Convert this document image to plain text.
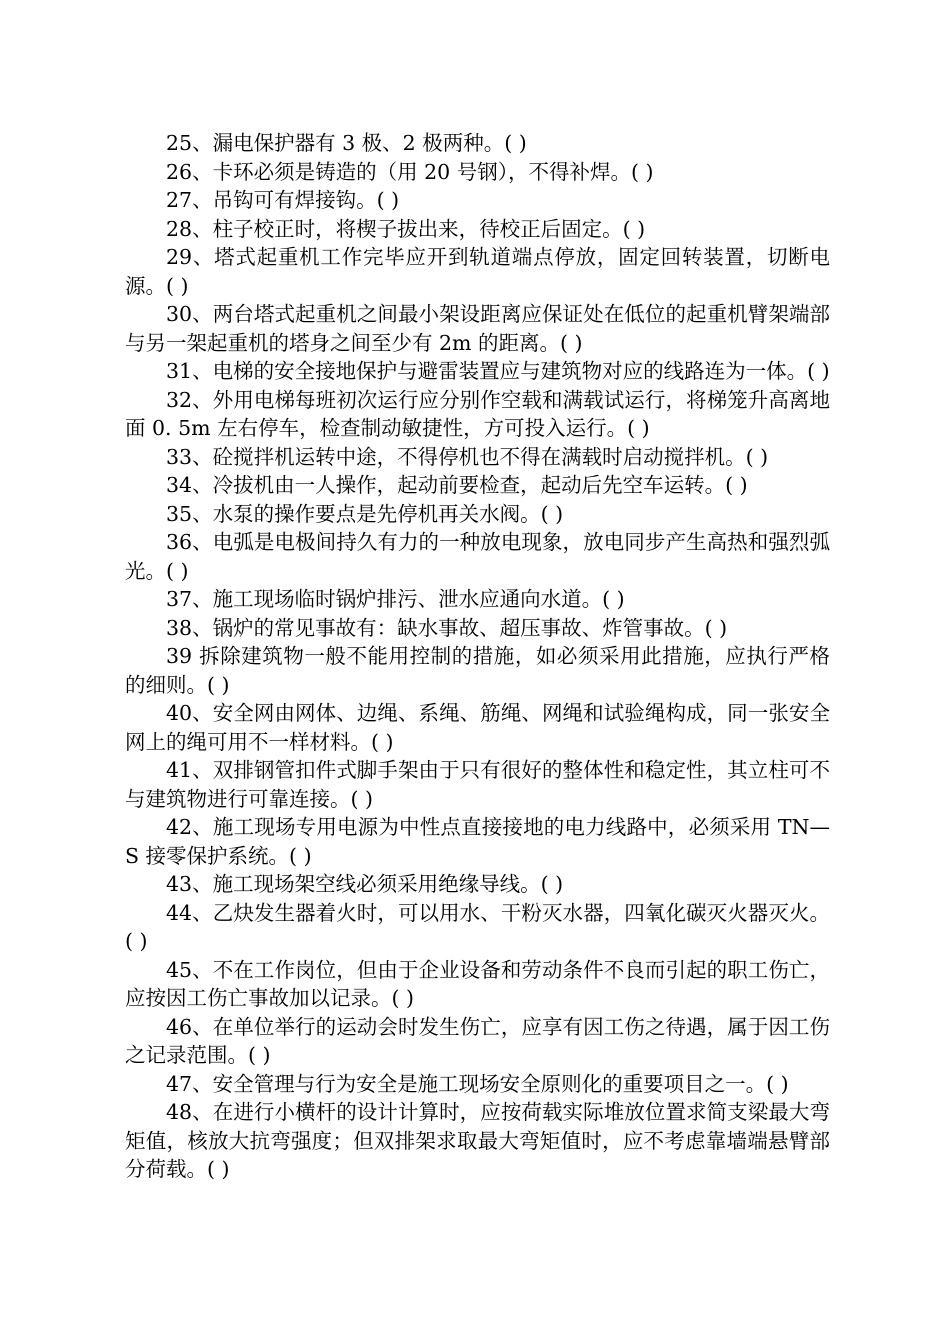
25、漏电保护器有 3 极、2 极两种。( )

26、卡环必须是铸造的（用 20 号钢），不得补焊。( )

27、吊钩可有焊接钩。( )

28、柱子校正时，将楔子拔出来，待校正后固定。( )

29、塔式起重机工作完毕应开到轨道端点停放，固定回转装置，切断电源。( )

30、两台塔式起重机之间最小架设距离应保证处在低位的起重机臂架端部与另一架起重机的塔身之间至少有 2m 的距离。( )

31、电梯的安全接地保护与避雷装置应与建筑物对应的线路连为一体。( )

32、外用电梯每班初次运行应分别作空载和满载试运行，将梯笼升高离地面 0. 5m 左右停车，检查制动敏捷性，方可投入运行。( )

33、砼搅拌机运转中途，不得停机也不得在满载时启动搅拌机。( )

34、冷拔机由一人操作，起动前要检查，起动后先空车运转。( )

35、水泵的操作要点是先停机再关水阀。( )

36、电弧是电极间持久有力的一种放电现象，放电同步产生高热和强烈弧光。( )

37、施工现场临时锅炉排污、泄水应通向水道。( )

38、锅炉的常见事故有：缺水事故、超压事故、炸管事故。( )

39 拆除建筑物一般不能用控制的措施，如必须采用此措施，应执行严格的细则。( )

40、安全网由网体、边绳、系绳、筋绳、网绳和试验绳构成，同一张安全网上的绳可用不一样材料。( )

41、双排钢管扣件式脚手架由于只有很好的整体性和稳定性，其立柱可不与建筑物进行可靠连接。( )

42、施工现场专用电源为中性点直接接地的电力线路中，必须采用 TN—S 接零保护系统。( )

43、施工现场架空线必须采用绝缘导线。( )

44、乙炔发生器着火时，可以用水、干粉灭水器，四氧化碳灭火器灭火。( )

45、不在工作岗位，但由于企业设备和劳动条件不良而引起的职工伤亡，应按因工伤亡事故加以记录。( )

46、在单位举行的运动会时发生伤亡，应享有因工伤之待遇，属于因工伤之记录范围。( )

47、安全管理与行为安全是施工现场安全原则化的重要项目之一。( )

48、在进行小横杆的设计计算时，应按荷载实际堆放位置求简支梁最大弯矩值，核放大抗弯强度；但双排架求取最大弯矩值时，应不考虑靠墙端悬臂部分荷载。( )
